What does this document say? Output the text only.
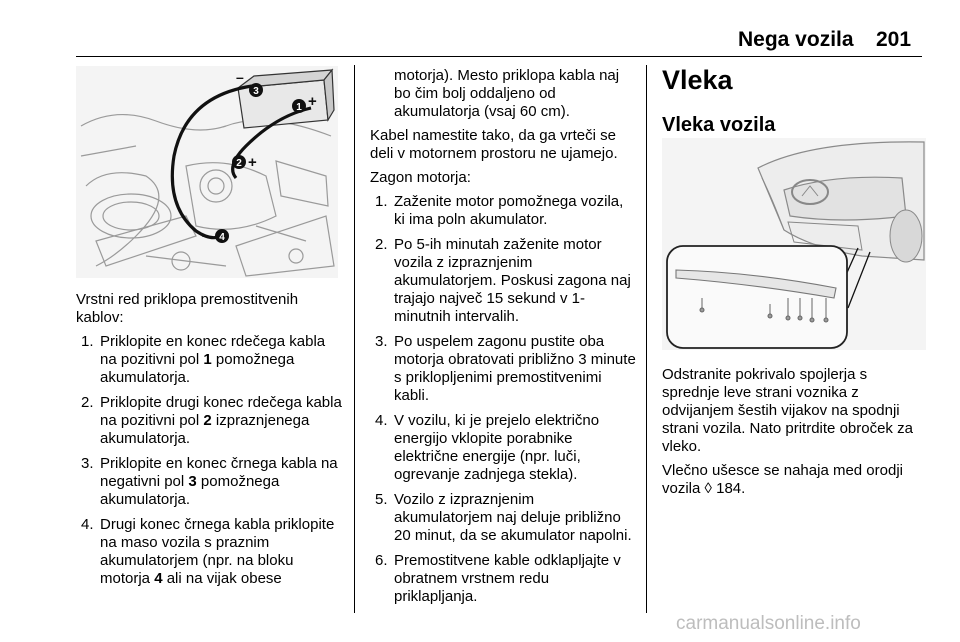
Nega vozila 201
3
–
1 +
2 +
4
–

Vrstni red priklopa premostitvenih kablov:

1. Priklopite en konec rdečega kabla na pozitivni pol 1 pomožnega akumulatorja.
2. Priklopite drugi konec rdečega kabla na pozitivni pol 2 izpraznjenega akumulatorja.
3. Priklopite en konec črnega kabla na negativni pol 3 pomožnega akumulatorja.
4. Drugi konec črnega kabla priklopite na maso vozila s praznim akumulatorjem (npr. na bloku motorja 4 ali na vijak obese

motorja). Mesto priklopa kabla naj bo čim bolj oddaljeno od akumulatorja (vsaj 60 cm).

Kabel namestite tako, da ga vrteči se deli v motornem prostoru ne ujamejo.

Zagon motorja:

1. Zaženite motor pomožnega vozila, ki ima poln akumulator.
2. Po 5-ih minutah zaženite motor vozila z izpraznjenim akumulatorjem. Poskusi zagona naj trajajo največ 15 sekund v 1-minutnih intervalih.
3. Po uspelem zagonu pustite oba motorja obratovati približno 3 minute s priklopljenimi premostitvenimi kabli.
4. V vozilu, ki je prejelo električno energijo vklopite porabnike električne energije (npr. luči, ogrevanje zadnjega stekla).
5. Vozilo z izpraznjenim akumulatorjem naj deluje približno 20 minut, da se akumulator napolni.
6. Premostitvene kable odklapljajte v obratnem vrstnem redu priklapljanja.
Vleka
Vleka vozila

Odstranite pokrivalo spojlerja s sprednje leve strani voznika z odvijanjem šestih vijakov na spodnji strani vozila. Nato pritrdite obroček za vleko.

Vlečno ušesce se nahaja med orodji vozila ◊ 184.

carmanualsonline.info
